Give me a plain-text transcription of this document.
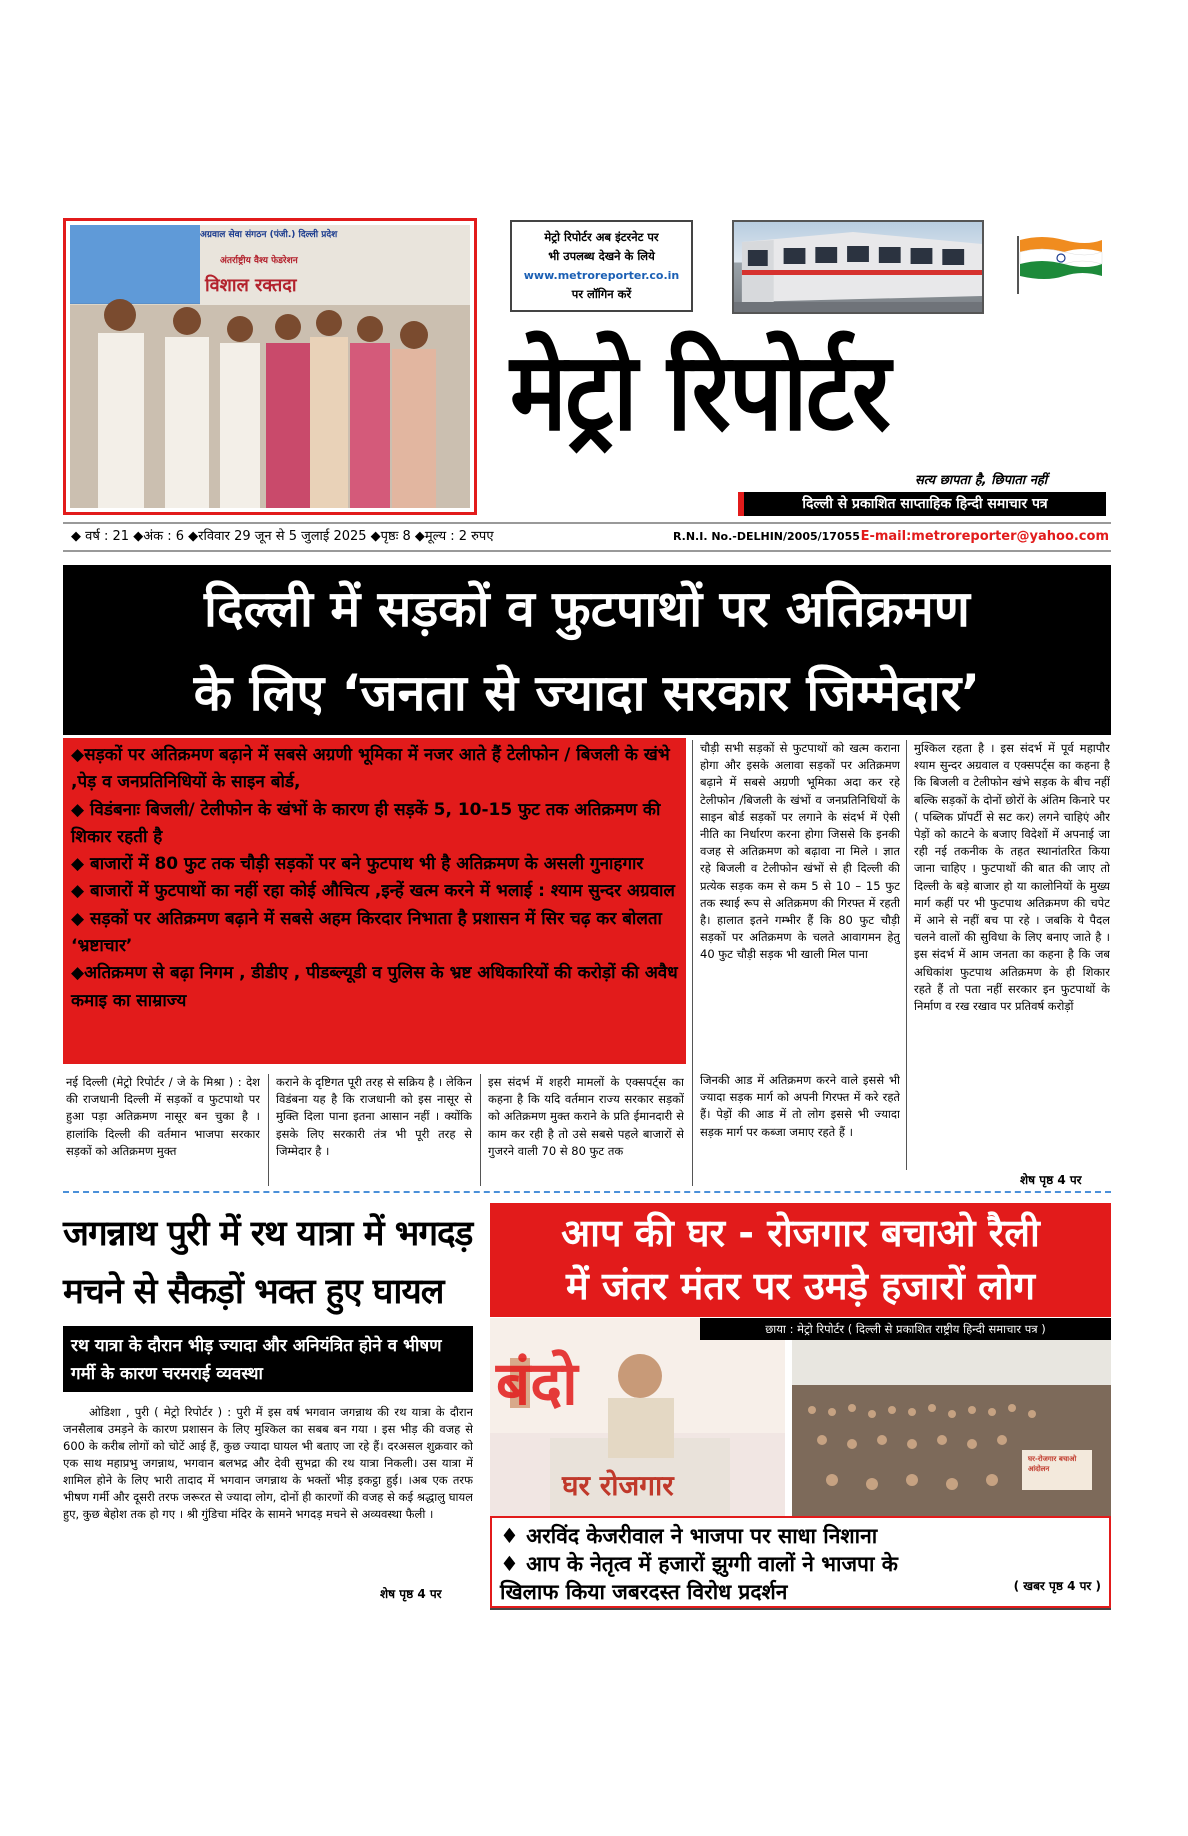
अग्रवाल सेवा संगठन (पंजी.) दिल्ली प्रदेश
अंतर्राष्ट्रीय वैश्य फेडरेशन
विशाल रक्तदा
मेट्रो रिपोर्टर अब इंटरनेट पर
भी उपलब्ध देखने के लिये
www.metroreporter.co.in
पर लॉगिन करें
मेट्रो रिपोर्टर
सत्य छापता है, छिपाता नहीं
दिल्ली से प्रकाशित साप्ताहिक हिन्दी समाचार पत्र
◆ वर्ष : 21 ◆अंक : 6 ◆रविवार 29 जून से 5 जुलाई 2025 ◆पृष्ठः 8 ◆मूल्य : 2 रुपए	R.N.I. No.-DELHIN/2005/17055 E-mail:metroreporter@yahoo.com
दिल्ली में सड़कों व फुटपाथों पर अतिक्रमण
के लिए ‘जनता से ज्यादा सरकार जिम्मेदार’
◆सड़कों पर अतिक्रमण बढ़ाने में सबसे अग्रणी भूमिका में नजर आते हैं टेलीफोन / बिजली के खंभे ,पेड़ व जनप्रतिनिधियों के साइन बोर्ड,
◆ विडंबनाः बिजली/ टेलीफोन के खंभों के कारण ही सड़कें 5, 10-15 फुट तक अतिक्रमण की शिकार रहती है
◆ बाजारों में 80 फुट तक चौड़ी सड़कों पर बने फुटपाथ भी है अतिक्रमण के असली गुनाहगार
◆ बाजारों में फुटपाथों का नहीं रहा कोई औचित्य ,इन्हें खत्म करने में भलाई : श्याम सुन्दर अग्रवाल
◆ सड़कों पर अतिक्रमण बढ़ाने में सबसे अहम किरदार निभाता है प्रशासन में सिर चढ़ कर बोलता ‘भ्रष्टाचार’
◆अतिक्रमण से बढ़ा निगम , डीडीए , पीडब्ल्यूडी व पुलिस के भ्रष्ट अधिकारियों की करोड़ों की अवैध कमाइ का साम्राज्य
नई दिल्ली (मेट्रो रिपोर्टर / जे के मिश्रा ) : देश की राजधानी दिल्ली में सड़कों व फुटपाथो पर हुआ पड़ा अतिक्रमण नासूर बन चुका है । हालांकि दिल्ली की वर्तमान भाजपा सरकार सड़कों को अतिक्रमण मुक्त
कराने के दृष्टिगत पूरी तरह से सक्रिय है । लेकिन विडंबना यह है कि राजधानी को इस नासूर से मुक्ति दिला पाना इतना आसान नहीं । क्योंकि इसके लिए सरकारी तंत्र भी पूरी तरह से जिम्मेदार है ।
इस संदर्भ में शहरी मामलों के एक्सपर्ट्स का कहना है कि यदि वर्तमान राज्य सरकार सड़कों को अतिक्रमण मुक्त कराने के प्रति ईमानदारी से काम कर रही है तो उसे सबसे पहले बाजारों से गुजरने वाली 70 से 80 फुट तक
चौड़ी सभी सड़कों से फुटपाथों को खत्म कराना होगा और इसके अलावा सड़कों पर अतिक्रमण बढ़ाने में सबसे अग्रणी भूमिका अदा कर रहे टेलीफोन /बिजली के खंभों व जनप्रतिनिधियों के साइन बोर्ड सड़कों पर लगाने के संदर्भ में ऐसी नीति का निर्धारण करना होगा जिससे कि इनकी वजह से अतिक्रमण को बढ़ावा ना मिले । ज्ञात रहे बिजली व टेलीफोन खंभों से ही दिल्ली की प्रत्येक सड़क कम से कम 5 से 10 – 15 फुट तक स्थाई रूप से अतिक्रमण की गिरफ्त में रहती है। हालात इतने गम्भीर हैं कि 80 फुट चौड़ी सड़कों पर अतिक्रमण के चलते आवागमन हेतु 40 फुट चौड़ी सड़क भी खाली मिल पाना
जिनकी आड में अतिक्रमण करने वाले इससे भी ज्यादा सड़क मार्ग को अपनी गिरफ्त में करे रहते हैं। पेड़ों की आड में तो लोग इससे भी ज्यादा सड़क मार्ग पर कब्जा जमाए रहते हैं ।
मुश्किल रहता है । इस संदर्भ में पूर्व महापौर श्याम सुन्दर अग्रवाल व एक्सपर्ट्स का कहना है कि बिजली व टेलीफोन खंभे सड़क के बीच नहीं बल्कि सड़कों के दोनों छोरों के अंतिम किनारे पर ( पब्लिक प्रॉपर्टी से सट कर) लगने चाहिएं और पेड़ों को काटने के बजाए विदेशों में अपनाई जा रही नई तकनीक के तहत स्थानांतरित किया जाना चाहिए । फुटपाथों की बात की जाए तो दिल्ली के बड़े बाजार हो या कालोनियों के मुख्य मार्ग कहीं पर भी फुटपाथ अतिक्रमण की चपेट में आने से नहीं बच पा रहे । जबकि ये पैदल चलने वालों की सुविधा के लिए बनाए जाते है । इस संदर्भ में आम जनता का कहना है कि जब अधिकांश फुटपाथ अतिक्रमण के ही शिकार रहते हैं तो पता नहीं सरकार इन फुटपाथों के निर्माण व रख रखाव पर प्रतिवर्ष करोड़ों
शेष पृष्ठ 4 पर
जगन्नाथ पुरी में रथ यात्रा में भगदड़
मचने से सैकड़ों भक्त हुए घायल
रथ यात्रा के दौरान भीड़ ज्यादा और अनियंत्रित होने व भीषण गर्मी के कारण चरमराई व्यवस्था
ओडिशा , पुरी ( मेट्रो रिपोर्टर ) : पुरी में इस वर्ष भगवान जगन्नाथ की रथ यात्रा के दौरान जनसैलाब उमड़ने के कारण प्रशासन के लिए मुश्किल का सबब बन गया । इस भीड़ की वजह से 600 के करीब लोगों को चोटें आई हैं, कुछ ज्यादा घायल भी बताए जा रहे हैं। दरअसल शुक्रवार को एक साथ महाप्रभु जगन्नाथ, भगवान बलभद्र और देवी सुभद्रा की रथ यात्रा निकली। उस यात्रा में शामिल होने के लिए भारी तादाद में भगवान जगन्नाथ के भक्तों भीड़ इकट्ठा हुई। ।अब एक तरफ भीषण गर्मी और दूसरी तरफ जरूरत से ज्यादा लोग, दोनों ही कारणों की वजह से कई श्रद्धालु घायल हुए, कुछ बेहोश तक हो गए । श्री गुंडिचा मंदिर के सामने भगदड़ मचने से अव्यवस्था फैली ।
शेष पृष्ठ 4 पर
आप की घर - रोजगार बचाओ रैली
में जंतर मंतर पर उमड़े हजारों लोग
बंदो
घर रोजगार
छाया : मेट्रो रिपोर्टर ( दिल्ली से प्रकाशित राष्ट्रीय हिन्दी समाचार पत्र )
घर-रोजगार बचाओ आंदोलन
♦ अरविंद केजरीवाल ने भाजपा पर साधा निशाना
♦ आप के नेतृत्व में हजारों झुग्गी वालों ने भाजपा के
खिलाफ किया जबरदस्त विरोध प्रदर्शन	( खबर पृष्ठ 4 पर )
